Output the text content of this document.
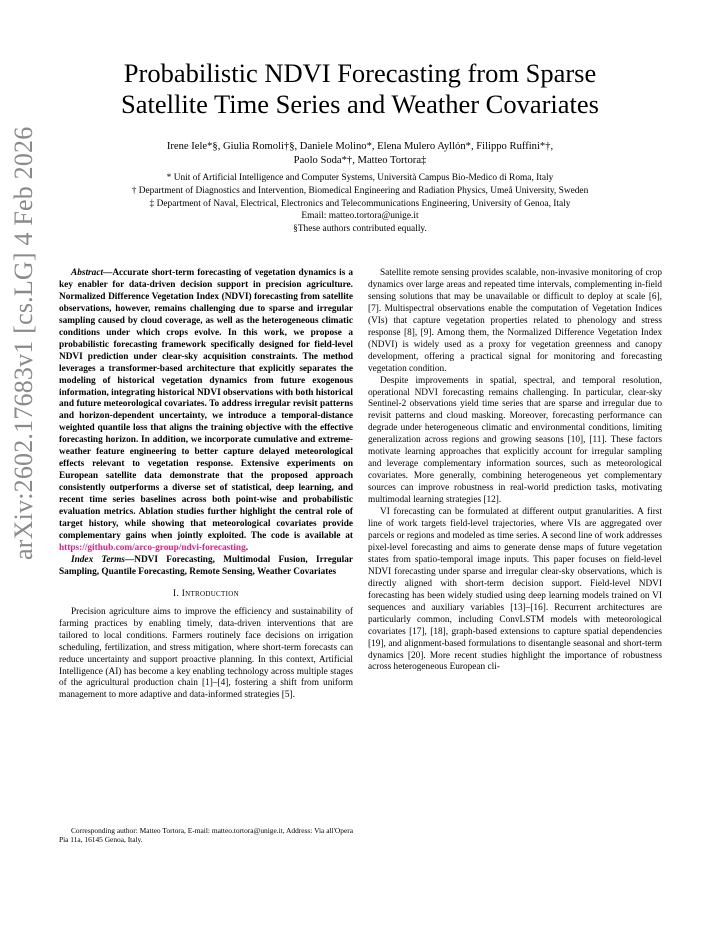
Probabilistic NDVI Forecasting from Sparse
Satellite Time Series and Weather Covariates
Irene Iele*§, Giulia Romoli†§, Daniele Molino*, Elena Mulero Ayllón*, Filippo Ruffini*†,
Paolo Soda*†, Matteo Tortora‡
* Unit of Artificial Intelligence and Computer Systems, Università Campus Bio-Medico di Roma, Italy
† Department of Diagnostics and Intervention, Biomedical Engineering and Radiation Physics, Umeå University, Sweden
‡ Department of Naval, Electrical, Electronics and Telecommunications Engineering, University of Genoa, Italy
Email: matteo.tortora@unige.it
§These authors contributed equally.
arXiv:2602.17683v1 [cs.LG] 4 Feb 2026	Abstract—Accurate short-term forecasting of vegetation dynamics is a key enabler for data-driven decision support in precision agriculture. Normalized Difference Vegetation Index (NDVI) forecasting from satellite observations, however, remains challenging due to sparse and irregular sampling caused by cloud coverage, as well as the heterogeneous climatic conditions under which crops evolve. In this work, we propose a probabilistic forecasting framework specifically designed for field-level NDVI prediction under clear-sky acquisition constraints. The method leverages a transformer-based architecture that explicitly separates the modeling of historical vegetation dynamics from future exogenous information, integrating historical NDVI observations with both historical and future meteorological covariates. To address irregular revisit patterns and horizon-dependent uncertainty, we introduce a temporal-distance weighted quantile loss that aligns the training objective with the effective forecasting horizon. In addition, we incorporate cumulative and extreme-weather feature engineering to better capture delayed meteorological effects relevant to vegetation response. Extensive experiments on European satellite data demonstrate that the proposed approach consistently outperforms a diverse set of statistical, deep learning, and recent time series baselines across both point-wise and probabilistic evaluation metrics. Ablation studies further highlight the central role of target history, while showing that meteorological covariates provide complementary gains when jointly exploited. The code is available at https://github.com/arco-group/ndvi-forecasting.

Index Terms—NDVI Forecasting, Multimodal Fusion, Irregular Sampling, Quantile Forecasting, Remote Sensing, Weather Covariates

I. Introduction

Precision agriculture aims to improve the efficiency and sustainability of farming practices by enabling timely, data-driven interventions that are tailored to local conditions. Farmers routinely face decisions on irrigation scheduling, fertilization, and stress mitigation, where short-term forecasts can reduce uncertainty and support proactive planning. In this context, Artificial Intelligence (AI) has become a key enabling technology across multiple stages of the agricultural production chain [1]–[4], fostering a shift from uniform management to more adaptive and data-informed strategies [5].

Corresponding author: Matteo Tortora, E-mail: matteo.tortora@unige.it, Address: Via all'Opera Pia 11a, 16145 Genoa, Italy.

Satellite remote sensing provides scalable, non-invasive monitoring of crop dynamics over large areas and repeated time intervals, complementing in-field sensing solutions that may be unavailable or difficult to deploy at scale [6], [7]. Multispectral observations enable the computation of Vegetation Indices (VIs) that capture vegetation properties related to phenology and stress response [8], [9]. Among them, the Normalized Difference Vegetation Index (NDVI) is widely used as a proxy for vegetation greenness and canopy development, offering a practical signal for monitoring and forecasting vegetation condition.

Despite improvements in spatial, spectral, and temporal resolution, operational NDVI forecasting remains challenging. In particular, clear-sky Sentinel-2 observations yield time series that are sparse and irregular due to revisit patterns and cloud masking. Moreover, forecasting performance can degrade under heterogeneous climatic and environmental conditions, limiting generalization across regions and growing seasons [10], [11]. These factors motivate learning approaches that explicitly account for irregular sampling and leverage complementary information sources, such as meteorological covariates. More generally, combining heterogeneous yet complementary sources can improve robustness in real-world prediction tasks, motivating multimodal learning strategies [12].

VI forecasting can be formulated at different output granularities. A first line of work targets field-level trajectories, where VIs are aggregated over parcels or regions and modeled as time series. A second line of work addresses pixel-level forecasting and aims to generate dense maps of future vegetation states from spatio-temporal image inputs. This paper focuses on field-level NDVI forecasting under sparse and irregular clear-sky observations, which is directly aligned with short-term decision support. Field-level NDVI forecasting has been widely studied using deep learning models trained on VI sequences and auxiliary variables [13]–[16]. Recurrent architectures are particularly common, including ConvLSTM models with meteorological covariates [17], [18], graph-based extensions to capture spatial dependencies [19], and alignment-based formulations to disentangle seasonal and short-term dynamics [20]. More recent studies highlight the importance of robustness across heterogeneous European cli-
